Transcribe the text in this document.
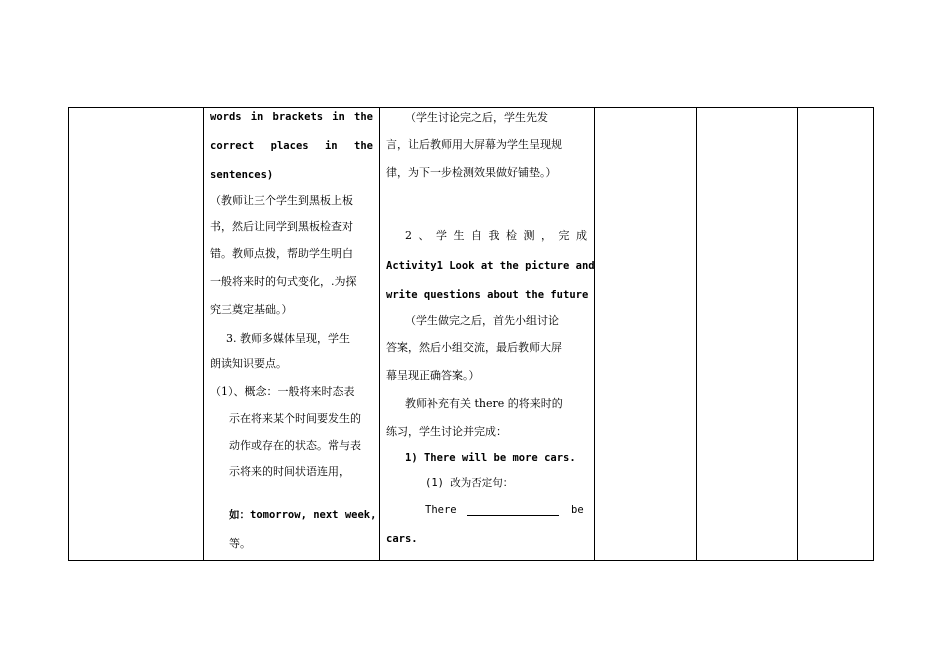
words in brackets in the
correct places in the
sentences)
（教师让三个学生到黑板上板
书，然后让同学到黑板检查对
错。教师点拨，帮助学生明白
一般将来时的句式变化，.为探
究三奠定基础。）
3. 教师多媒体呈现，学生
朗读知识要点。
（1）、概念：一般将来时态表
示在将来某个时间要发生的
动作或存在的状态。常与表
示将来的时间状语连用，
如：tomorrow, next week,
等。
（学生讨论完之后，学生先发
言，让后教师用大屏幕为学生呈现规
律，为下一步检测效果做好铺垫。）
2 、 学 生 自 我 检 测 ， 完 成
Activity1 Look at the picture and
write questions about the future
（学生做完之后，首先小组讨论
答案，然后小组交流，最后教师大屏
幕呈现正确答案。）
教师补充有关 there 的将来时的
练习，学生讨论并完成：
1) There will be more cars.
(1) 改为否定句：
There	be
cars.
